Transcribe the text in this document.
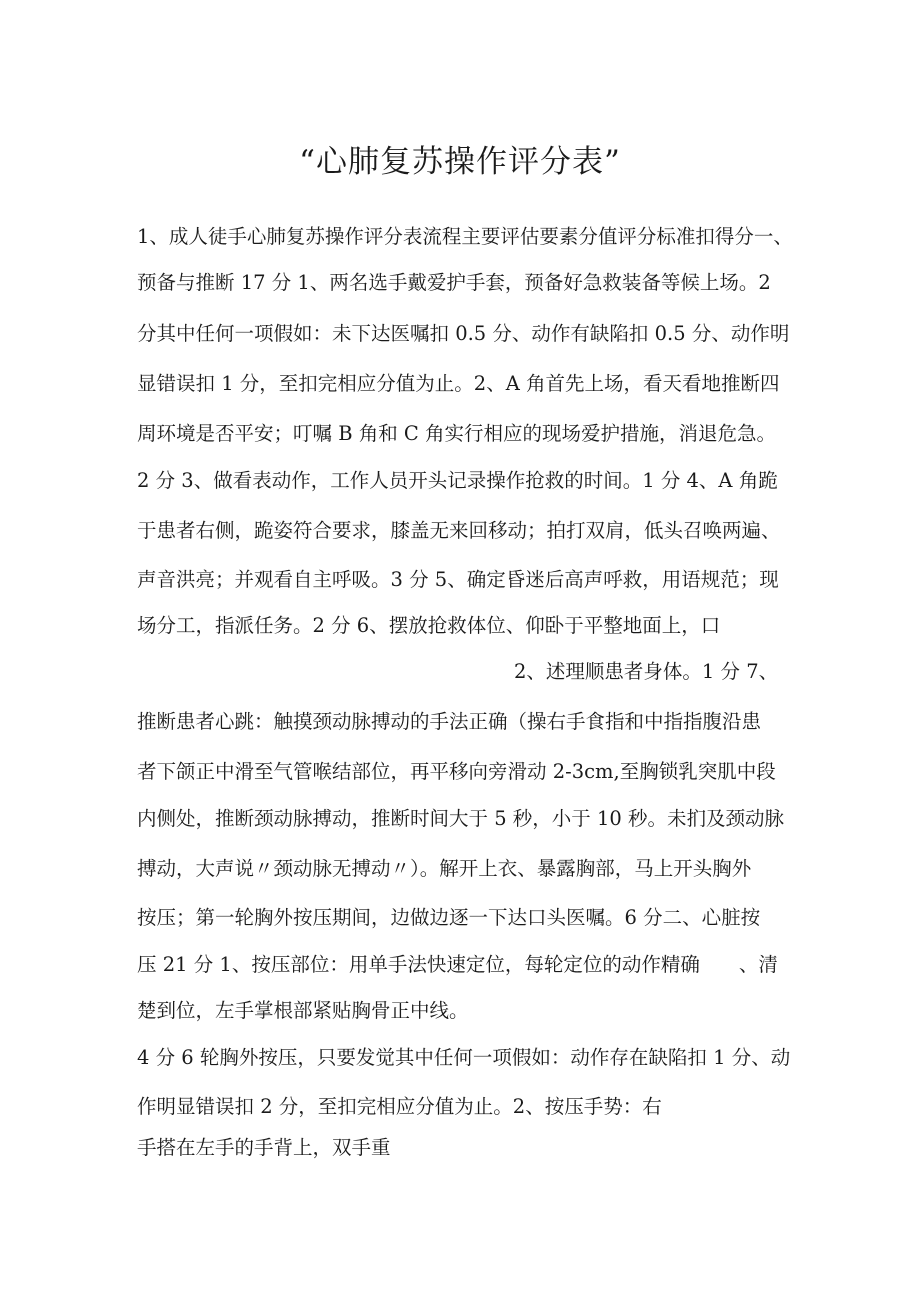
“心肺复苏操作评分表”
1、成人徒手心肺复苏操作评分表流程主要评估要素分值评分标准扣得分一、
预备与推断 17 分 1、两名选手戴爱护手套，预备好急救装备等候上场。2
分其中任何一项假如：未下达医嘱扣 0.5 分、动作有缺陷扣 0.5 分、动作明
显错误扣 1 分，至扣完相应分值为止。2、A 角首先上场，看天看地推断四
周环境是否平安；叮嘱 B 角和 C 角实行相应的现场爱护措施，消退危急。
2 分 3、做看表动作，工作人员开头记录操作抢救的时间。1 分 4、A 角跪
于患者右侧，跪姿符合要求，膝盖无来回移动；拍打双肩，低头召唤两遍、
声音洪亮；并观看自主呼吸。3 分 5、确定昏迷后高声呼救，用语规范；现
场分工，指派任务。2 分 6、摆放抢救体位、仰卧于平整地面上，口
2、述理顺患者身体。1 分 7、
推断患者心跳：触摸颈动脉搏动的手法正确（操右手食指和中指指腹沿患
者下颌正中滑至气管喉结部位，再平移向旁滑动 2-3cm,至胸锁乳突肌中段
内侧处，推断颈动脉搏动，推断时间大于 5 秒，小于 10 秒。未扪及颈动脉
搏动，大声说〃颈动脉无搏动〃）。解开上衣、暴露胸部，马上开头胸外
按压；第一轮胸外按压期间，边做边逐一下达口头医嘱。6 分二、心脏按
压 21 分 1、按压部位：用单手法快速定位，每轮定位的动作精确　　、清
楚到位，左手掌根部紧贴胸骨正中线。
4 分 6 轮胸外按压，只要发觉其中任何一项假如：动作存在缺陷扣 1 分、动
作明显错误扣 2 分，至扣完相应分值为止。2、按压手势：右
手搭在左手的手背上，双手重
